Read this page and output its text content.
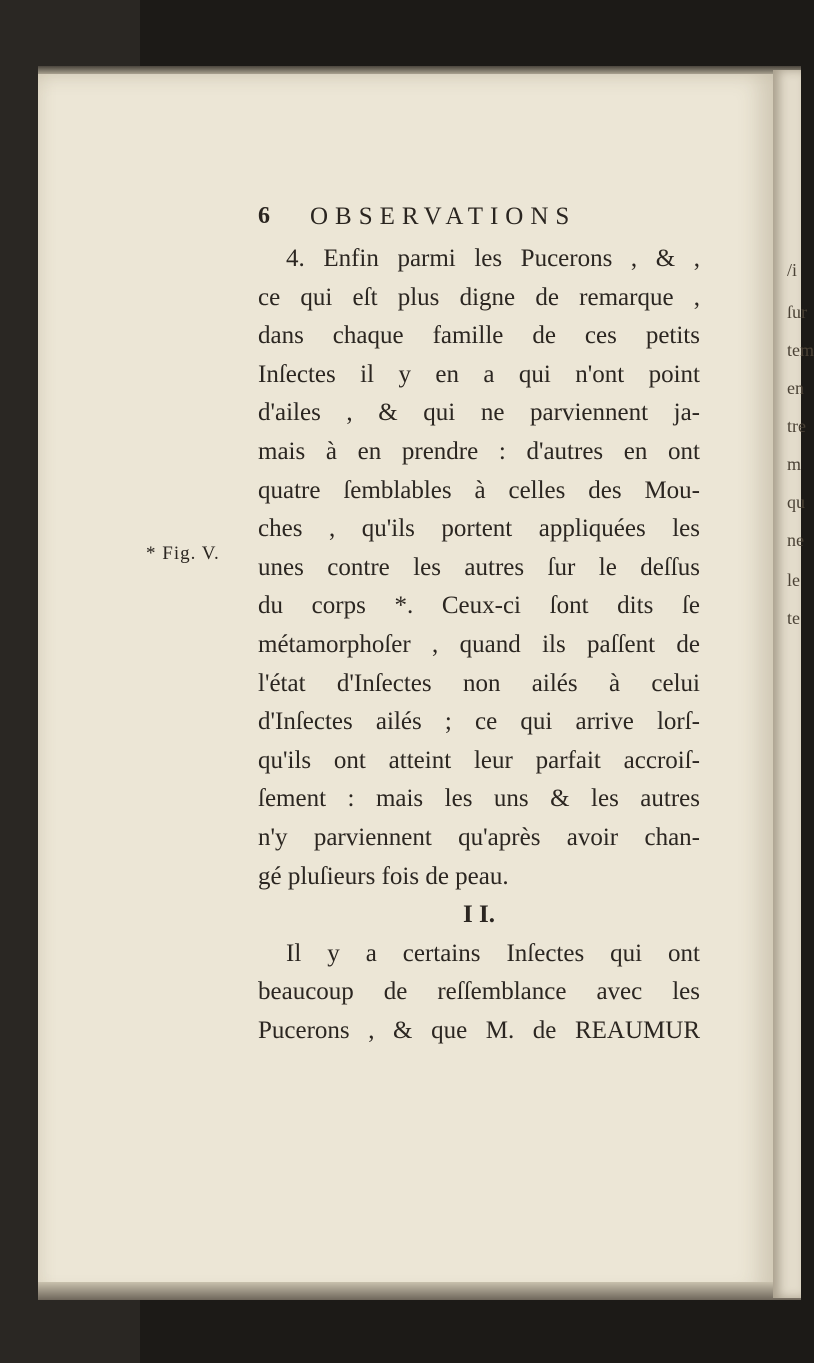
/i
ſur
tem
en
tre
m
qu
ne
le
te
6 OBSERVATIONS
* Fig. V.
4. Enfin parmi les Pucerons , & ,
ce qui eſt plus digne de remarque ,
dans chaque famille de ces petits
Inſectes il y en a qui n'ont point
d'ailes , & qui ne parviennent ja-
mais à en prendre : d'autres en ont
quatre ſemblables à celles des Mou-
ches , qu'ils portent appliquées les
unes contre les autres ſur le deſſus
du corps *. Ceux-ci ſont dits ſe
métamorphoſer , quand ils paſſent de
l'état d'Inſectes non ailés à celui
d'Inſectes ailés ; ce qui arrive lorſ-
qu'ils ont atteint leur parfait accroiſ-
ſement : mais les uns & les autres
n'y parviennent qu'après avoir chan-
gé pluſieurs fois de peau.
I I.
Il y a certains Inſectes qui ont
beaucoup de reſſemblance avec les
Pucerons , & que M. de REAUMUR
